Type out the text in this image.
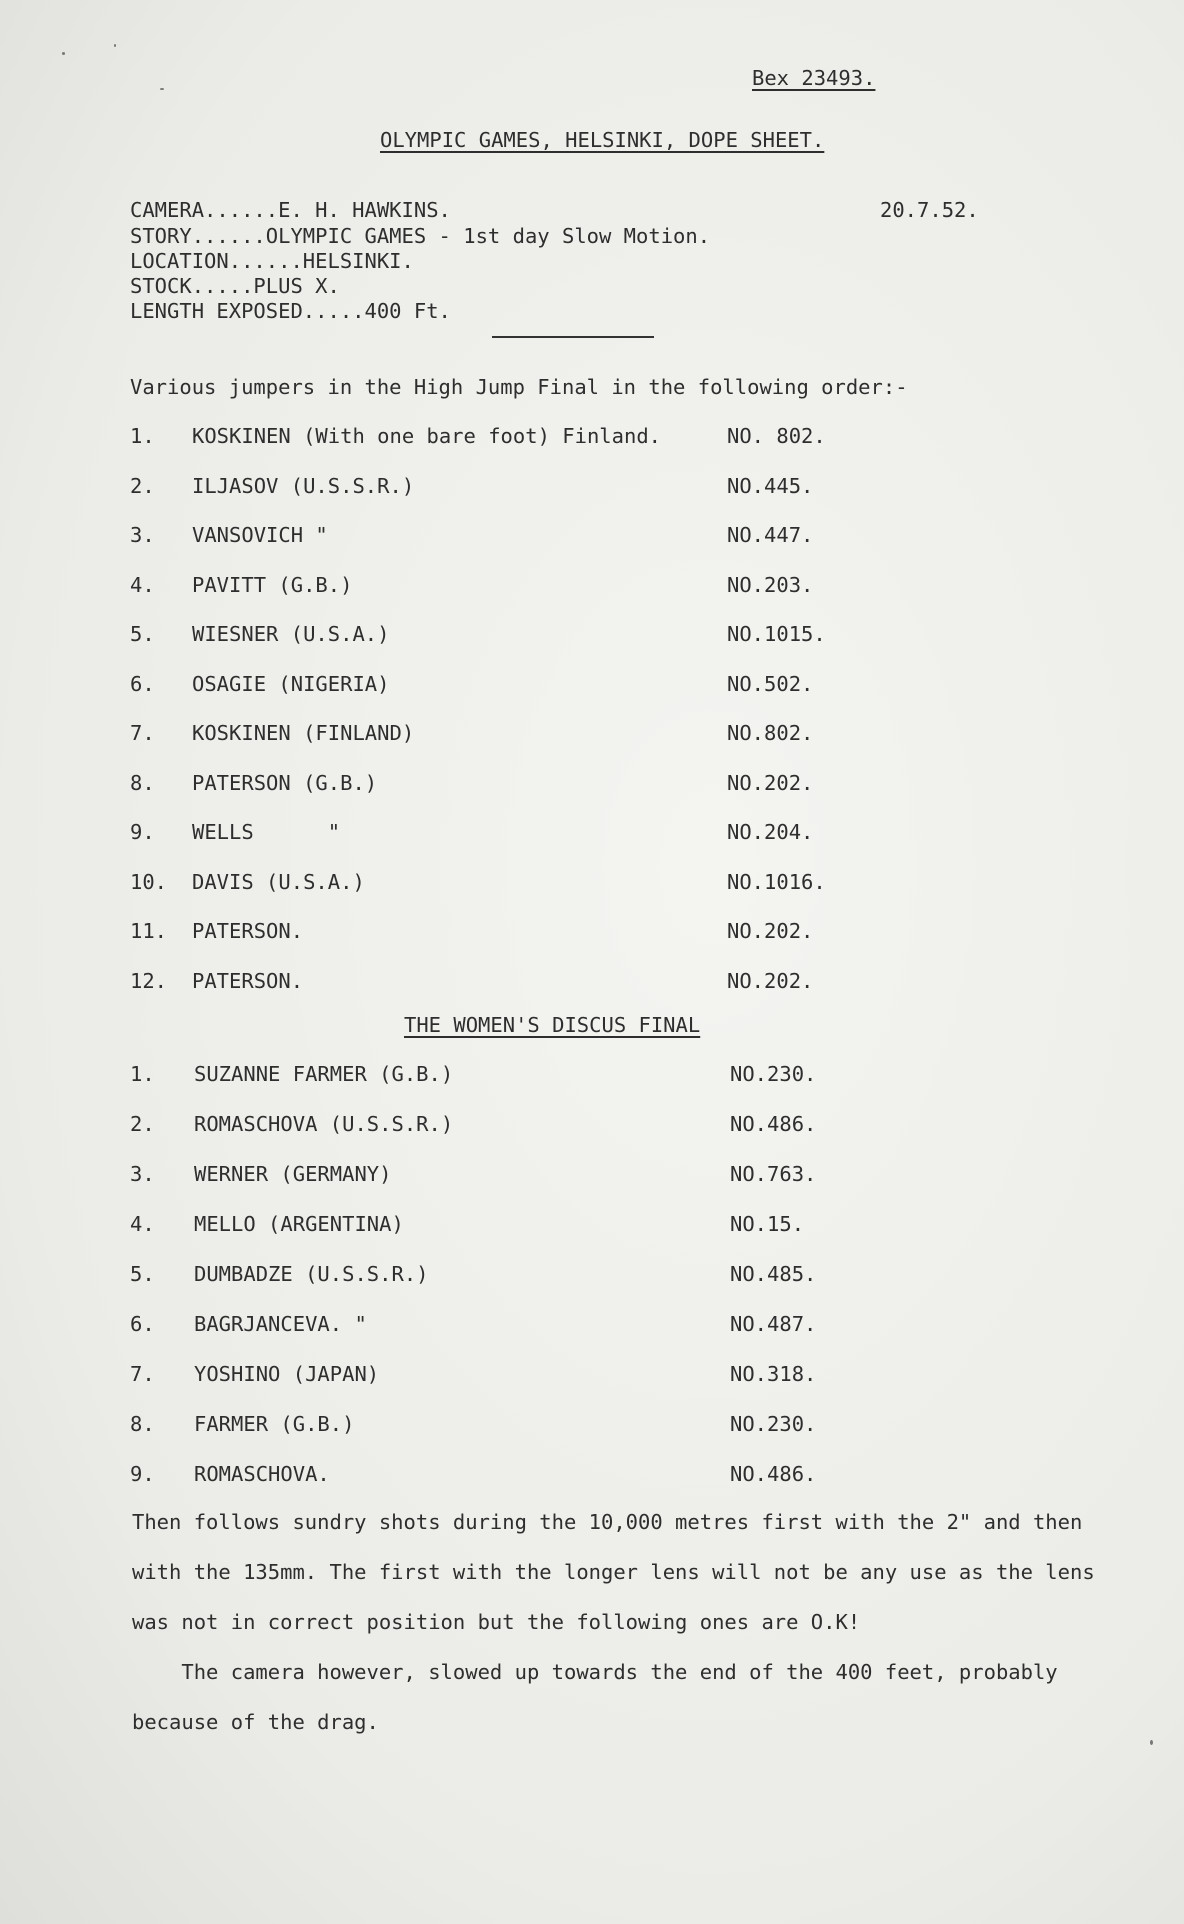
Bex 23493.
OLYMPIC GAMES, HELSINKI, DOPE SHEET.
CAMERA......E. H. HAWKINS.	20.7.52.
STORY......OLYMPIC GAMES - 1st day Slow Motion.
LOCATION......HELSINKI.
STOCK.....PLUS X.
LENGTH EXPOSED.....400 Ft.
Various jumpers in the High Jump Final in the following order:-
1. KOSKINEN (With one bare foot) Finland.	NO. 802.
2. ILJASOV (U.S.S.R.)	NO.445.
3. VANSOVICH "	NO.447.
4. PAVITT (G.B.)	NO.203.
5. WIESNER (U.S.A.)	NO.1015.
6. OSAGIE (NIGERIA)	NO.502.
7. KOSKINEN (FINLAND)	NO.802.
8. PATERSON (G.B.)	NO.202.
9. WELLS      "	NO.204.
10. DAVIS (U.S.A.)	NO.1016.
11. PATERSON.	NO.202.
12. PATERSON.	NO.202.
THE WOMEN'S DISCUS FINAL
1. SUZANNE FARMER (G.B.)	NO.230.
2. ROMASCHOVA (U.S.S.R.)	NO.486.
3. WERNER (GERMANY)	NO.763.
4. MELLO (ARGENTINA)	NO.15.
5. DUMBADZE (U.S.S.R.)	NO.485.
6. BAGRJANCEVA. "	NO.487.
7. YOSHINO (JAPAN)	NO.318.
8. FARMER (G.B.)	NO.230.
9. ROMASCHOVA.	NO.486.
Then follows sundry shots during the 10,000 metres first with the 2" and then
with the 135mm. The first with the longer lens will not be any use as the lens
was not in correct position but the following ones are O.K!
The camera however, slowed up towards the end of the 400 feet, probably
because of the drag.
